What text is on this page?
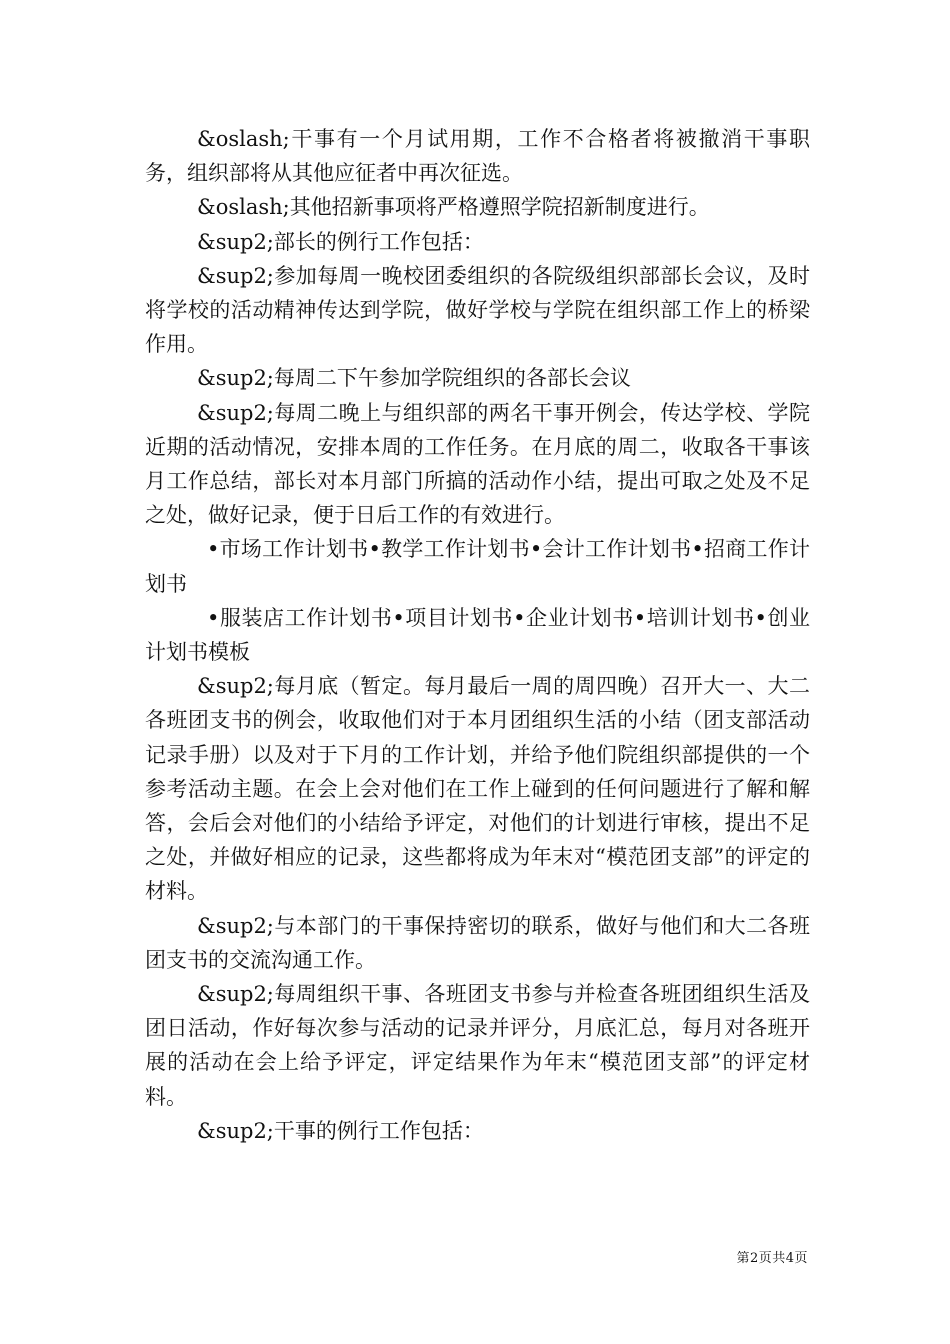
&oslash;干事有一个月试用期，工作不合格者将被撤消干事职务，组织部将从其他应征者中再次征选。

&oslash;其他招新事项将严格遵照学院招新制度进行。

&sup2;部长的例行工作包括：

&sup2;参加每周一晚校团委组织的各院级组织部部长会议，及时将学校的活动精神传达到学院，做好学校与学院在组织部工作上的桥梁作用。

&sup2;每周二下午参加学院组织的各部长会议

&sup2;每周二晚上与组织部的两名干事开例会，传达学校、学院近期的活动情况，安排本周的工作任务。在月底的周二，收取各干事该月工作总结，部长对本月部门所搞的活动作小结，提出可取之处及不足之处，做好记录，便于日后工作的有效进行。

•市场工作计划书•教学工作计划书•会计工作计划书•招商工作计划书

•服装店工作计划书•项目计划书•企业计划书•培训计划书•创业计划书模板

&sup2;每月底（暂定。每月最后一周的周四晚）召开大一、大二各班团支书的例会，收取他们对于本月团组织生活的小结（团支部活动记录手册）以及对于下月的工作计划，并给予他们院组织部提供的一个参考活动主题。在会上会对他们在工作上碰到的任何问题进行了解和解答，会后会对他们的小结给予评定，对他们的计划进行审核，提出不足之处，并做好相应的记录，这些都将成为年末对“模范团支部”的评定的材料。

&sup2;与本部门的干事保持密切的联系，做好与他们和大二各班团支书的交流沟通工作。

&sup2;每周组织干事、各班团支书参与并检查各班团组织生活及团日活动，作好每次参与活动的记录并评分，月底汇总，每月对各班开展的活动在会上给予评定，评定结果作为年末“模范团支部”的评定材料。

&sup2;干事的例行工作包括：

第2页共4页
